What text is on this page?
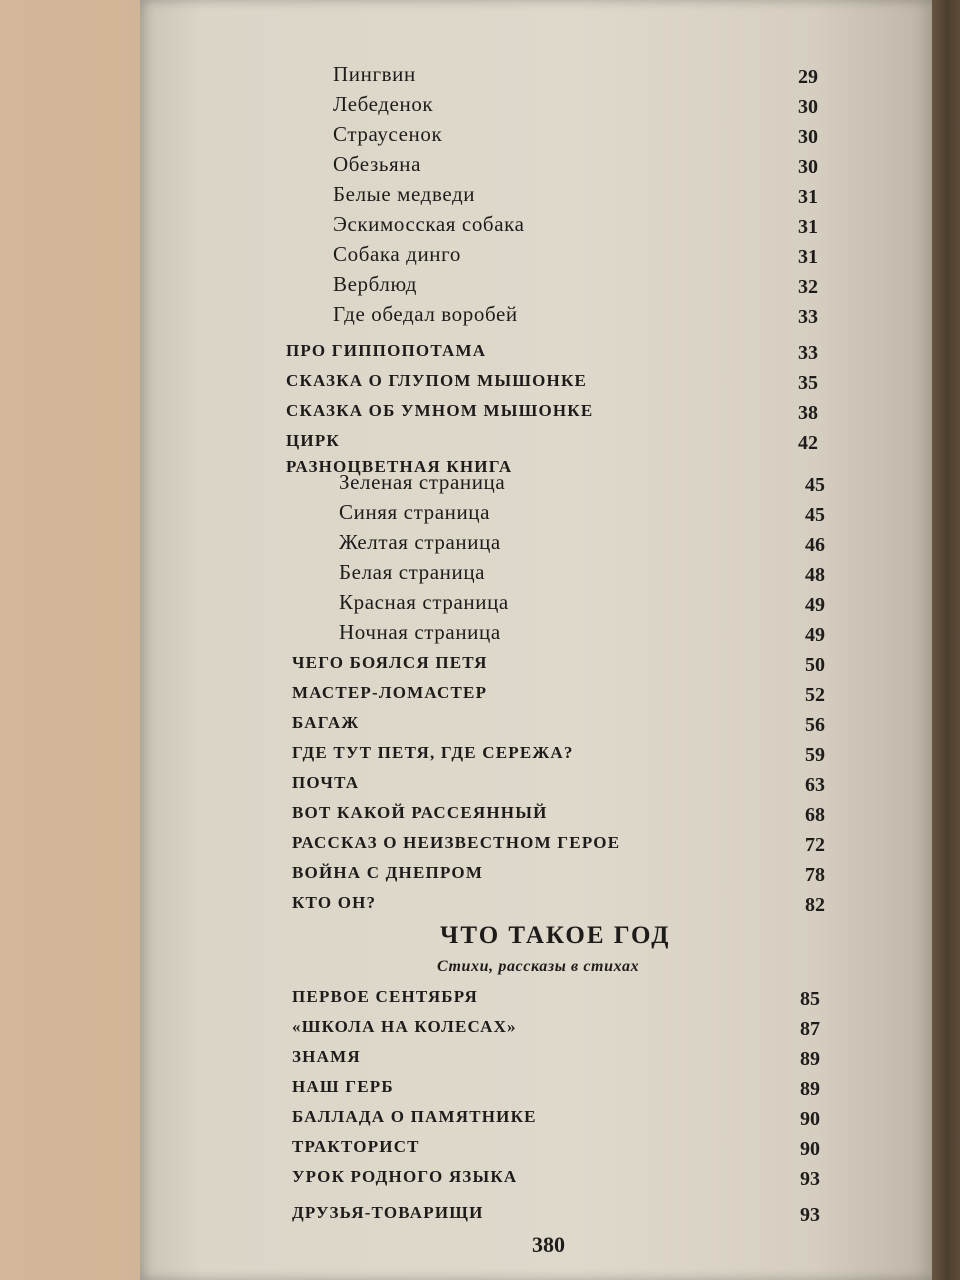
Пингвин	29
Лебеденок	30
Страусенок	30
Обезьяна	30
Белые медведи	31
Эскимосская собака	31
Собака динго	31
Верблюд	32
Где обедал воробей	33
ПРО ГИППОПОТАМА	33
СКАЗКА О ГЛУПОМ МЫШОНКЕ	35
СКАЗКА ОБ УМНОМ МЫШОНКЕ	38
ЦИРК	42
РАЗНОЦВЕТНАЯ КНИГА
Зеленая страница	45
Синяя страница	45
Желтая страница	46
Белая страница	48
Красная страница	49
Ночная страница	49
ЧЕГО БОЯЛСЯ ПЕТЯ	50
МАСТЕР-ЛОМАСТЕР	52
БАГАЖ	56
ГДЕ ТУТ ПЕТЯ, ГДЕ СЕРЕЖА?	59
ПОЧТА	63
ВОТ КАКОЙ РАССЕЯННЫЙ	68
РАССКАЗ О НЕИЗВЕСТНОМ ГЕРОЕ	72
ВОЙНА С ДНЕПРОМ	78
КТО ОН?	82
ПЕРВОЕ СЕНТЯБРЯ	85
«ШКОЛА НА КОЛЕСАХ»	87
ЗНАМЯ	89
НАШ ГЕРБ	89
БАЛЛАДА О ПАМЯТНИКЕ	90
ТРАКТОРИСТ	90
УРОК РОДНОГО ЯЗЫКА	93
ДРУЗЬЯ-ТОВАРИЩИ	93
ЧТО ТАКОЕ ГОД
Стихи, рассказы в стихах
380
